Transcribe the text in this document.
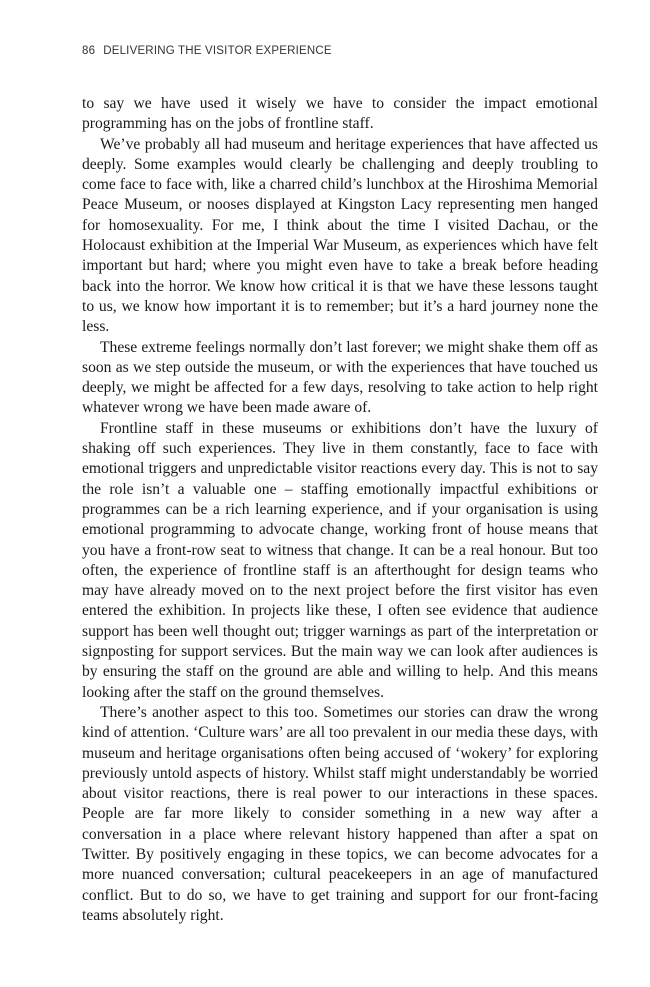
86 DELIVERING THE VISITOR EXPERIENCE

to say we have used it wisely we have to consider the impact emotional programming has on the jobs of frontline staff.

We’ve probably all had museum and heritage experiences that have affected us deeply. Some examples would clearly be challenging and deeply troubling to come face to face with, like a charred child’s lunchbox at the Hiroshima Memorial Peace Museum, or nooses displayed at Kingston Lacy representing men hanged for homosexuality. For me, I think about the time I visited Dachau, or the Holocaust exhibition at the Imperial War Museum, as experiences which have felt important but hard; where you might even have to take a break before heading back into the horror. We know how critical it is that we have these lessons taught to us, we know how important it is to remember; but it’s a hard journey none the less.

These extreme feelings normally don’t last forever; we might shake them off as soon as we step outside the museum, or with the experiences that have touched us deeply, we might be affected for a few days, resolving to take action to help right whatever wrong we have been made aware of.

Frontline staff in these museums or exhibitions don’t have the luxury of shaking off such experiences. They live in them constantly, face to face with emotional triggers and unpredictable visitor reactions every day. This is not to say the role isn’t a valuable one – staffing emotionally impactful exhibitions or programmes can be a rich learning experience, and if your organisation is using emotional programming to advocate change, working front of house means that you have a front-row seat to witness that change. It can be a real honour. But too often, the experience of frontline staff is an afterthought for design teams who may have already moved on to the next project before the first visitor has even entered the exhibition. In projects like these, I often see evidence that audience support has been well thought out; trigger warnings as part of the interpretation or signposting for support services. But the main way we can look after audiences is by ensuring the staff on the ground are able and willing to help. And this means looking after the staff on the ground themselves.

There’s another aspect to this too. Sometimes our stories can draw the wrong kind of attention. ‘Culture wars’ are all too prevalent in our media these days, with museum and heritage organisations often being accused of ‘wokery’ for exploring previously untold aspects of history. Whilst staff might understandably be worried about visitor reactions, there is real power to our interactions in these spaces. People are far more likely to consider something in a new way after a conversation in a place where relevant history happened than after a spat on Twitter. By positively engaging in these topics, we can become advocates for a more nuanced conversation; cultural peacekeepers in an age of manufactured conflict. But to do so, we have to get training and support for our front-facing teams absolutely right.
